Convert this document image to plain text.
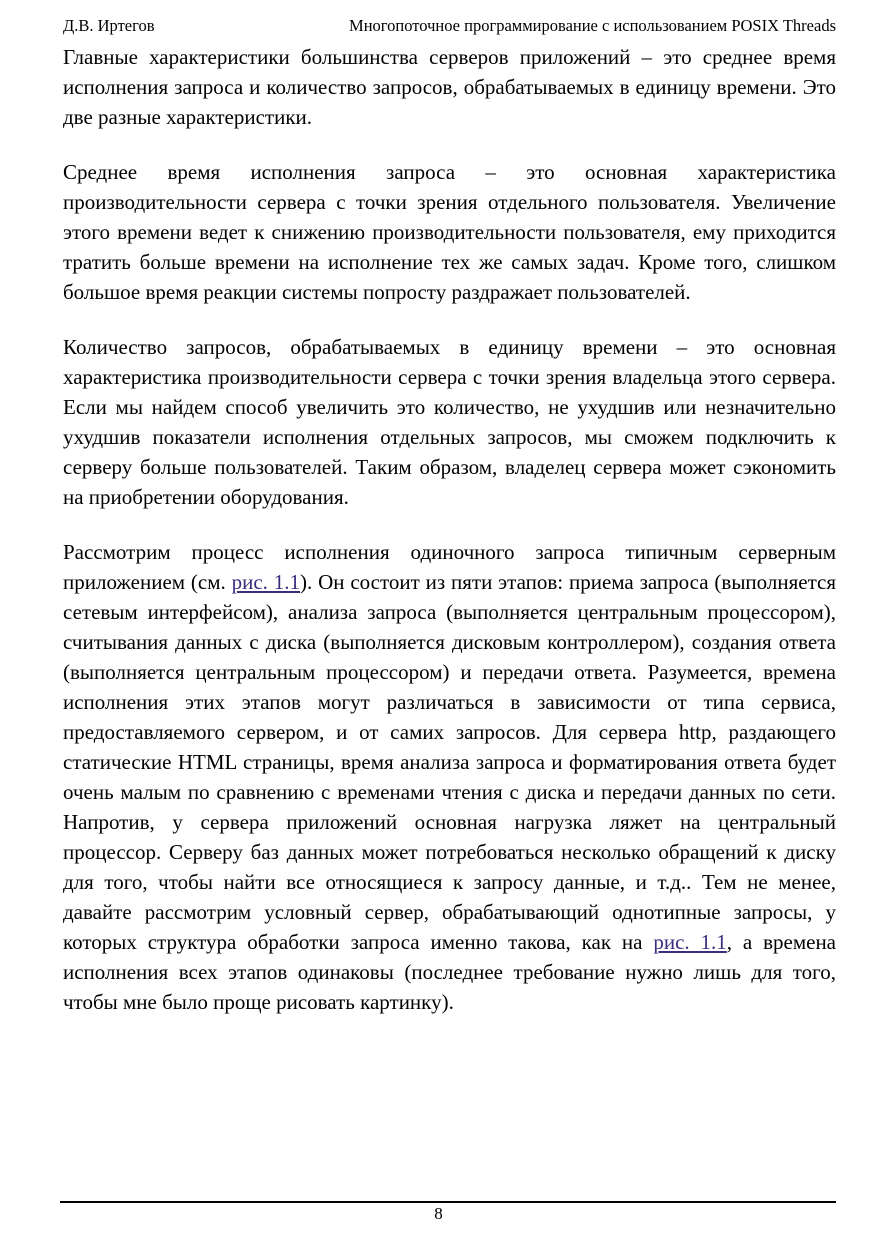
Д.В. Иртегов	Многопоточное программирование с использованием POSIX Threads

Главные характеристики большинства серверов приложений – это среднее время исполнения запроса и количество запросов, обрабатываемых в единицу времени. Это две разные характеристики.

Среднее время исполнения запроса – это основная характеристика производительности сервера с точки зрения отдельного пользователя. Увеличение этого времени ведет к снижению производительности пользователя, ему приходится тратить больше времени на исполнение тех же самых задач. Кроме того, слишком большое время реакции системы попросту раздражает пользователей.

Количество запросов, обрабатываемых в единицу времени – это основная характеристика производительности сервера с точки зрения владельца этого сервера. Если мы найдем способ увеличить это количество, не ухудшив или незначительно ухудшив показатели исполнения отдельных запросов, мы сможем подключить к серверу больше пользователей. Таким образом, владелец сервера может сэкономить на приобретении оборудования.

Рассмотрим процесс исполнения одиночного запроса типичным серверным приложением (см. рис. 1.1). Он состоит из пяти этапов: приема запроса (выполняется сетевым интерфейсом), анализа запроса (выполняется центральным процессором), считывания данных с диска (выполняется дисковым контроллером), создания ответа (выполняется центральным процессором) и передачи ответа. Разумеется, времена исполнения этих этапов могут различаться в зависимости от типа сервиса, предоставляемого сервером, и от самих запросов. Для сервера http, раздающего статические HTML страницы, время анализа запроса и форматирования ответа будет очень малым по сравнению с временами чтения с диска и передачи данных по сети. Напротив, у сервера приложений основная нагрузка ляжет на центральный процессор. Серверу баз данных может потребоваться несколько обращений к диску для того, чтобы найти все относящиеся к запросу данные, и т.д.. Тем не менее, давайте рассмотрим условный сервер, обрабатывающий однотипные запросы, у которых структура обработки запроса именно такова, как на рис. 1.1, а времена исполнения всех этапов одинаковы (последнее требование нужно лишь для того, чтобы мне было проще рисовать картинку).

8
